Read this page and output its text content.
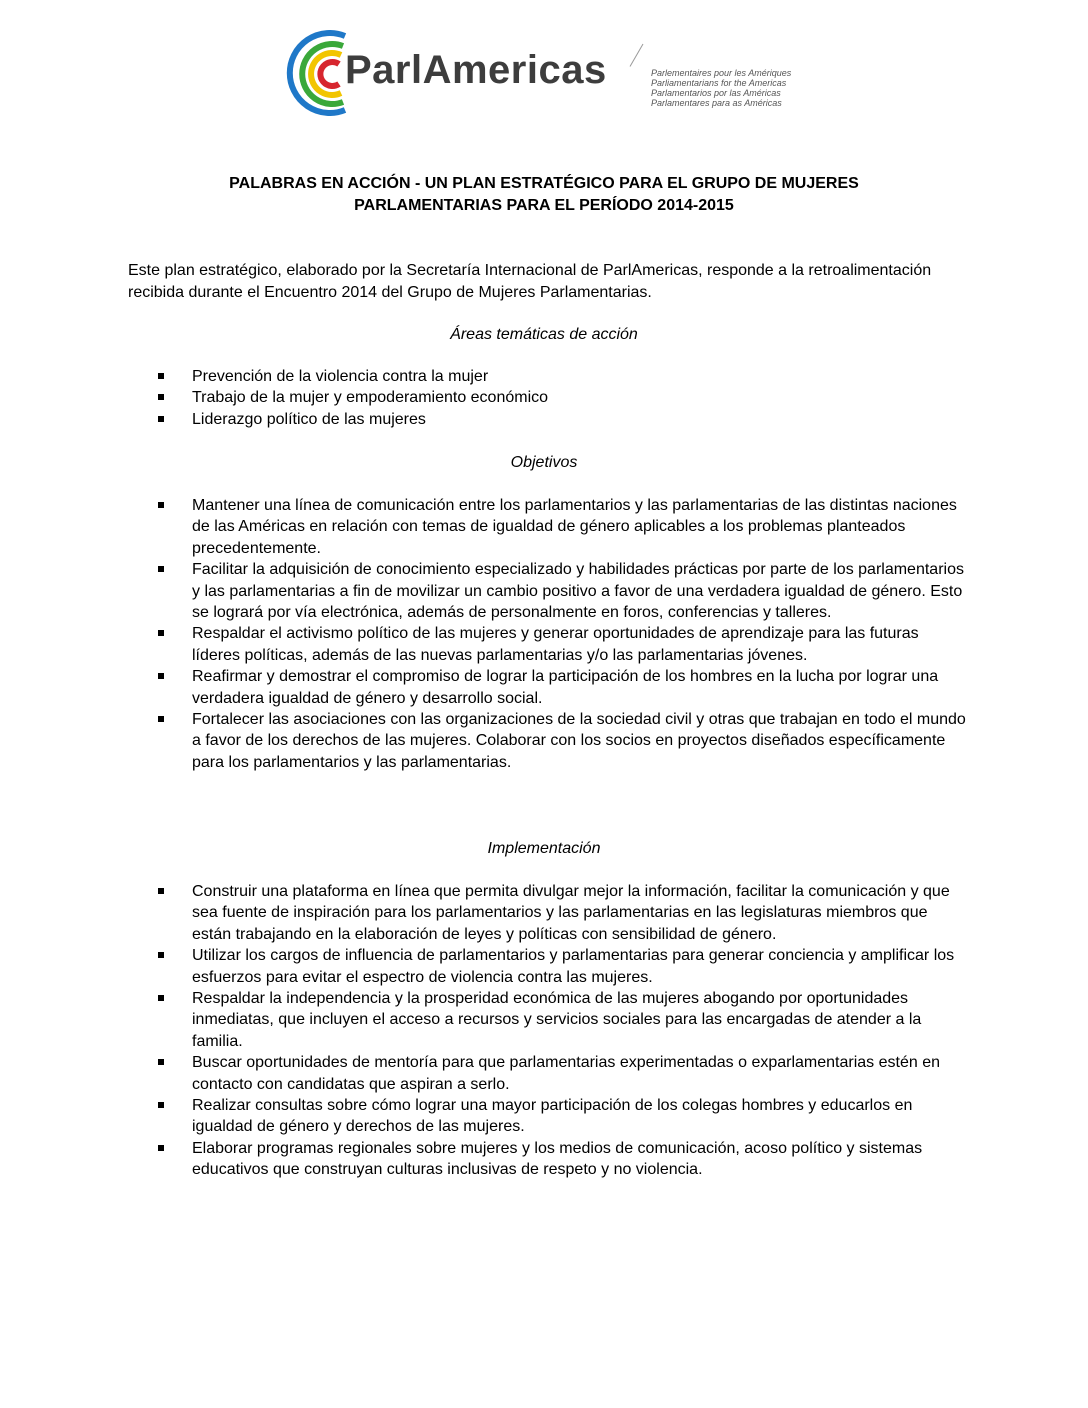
ParlAmericas	Parlementaires pour les Amériques
Parliamentarians for the Americas
Parlamentarios por las Américas
Parlamentares para as Américas
PALABRAS EN ACCIÓN - UN PLAN ESTRATÉGICO PARA EL GRUPO DE MUJERES
PARLAMENTARIAS PARA EL PERÍODO 2014-2015
Este plan estratégico, elaborado por la Secretaría Internacional de ParlAmericas, responde a la retroalimentación recibida durante el Encuentro 2014 del Grupo de Mujeres Parlamentarias.
Áreas temáticas de acción
Prevención de la violencia contra la mujer
Trabajo de la mujer y empoderamiento económico
Liderazgo político de las mujeres
Objetivos
Mantener una línea de comunicación entre los parlamentarios y las parlamentarias de las distintas naciones de las Américas en relación con temas de igualdad de género aplicables a los problemas planteados precedentemente.
Facilitar la adquisición de conocimiento especializado y habilidades prácticas por parte de los parlamentarios y las parlamentarias a fin de movilizar un cambio positivo a favor de una verdadera igualdad de género. Esto se logrará por vía electrónica, además de personalmente en foros, conferencias y talleres.
Respaldar el activismo político de las mujeres y generar oportunidades de aprendizaje para las futuras líderes políticas, además de las nuevas parlamentarias y/o las parlamentarias jóvenes.
Reafirmar y demostrar el compromiso de lograr la participación de los hombres en la lucha por lograr una verdadera igualdad de género y desarrollo social.
Fortalecer las asociaciones con las organizaciones de la sociedad civil y otras que trabajan en todo el mundo a favor de los derechos de las mujeres. Colaborar con los socios en proyectos diseñados específicamente para los parlamentarios y las parlamentarias.
Implementación
Construir una plataforma en línea que permita divulgar mejor la información, facilitar la comunicación y que sea fuente de inspiración para los parlamentarios y las parlamentarias en las legislaturas miembros que están trabajando en la elaboración de leyes y políticas con sensibilidad de género.
Utilizar los cargos de influencia de parlamentarios y parlamentarias para generar conciencia y amplificar los esfuerzos para evitar el espectro de violencia contra las mujeres.
Respaldar la independencia y la prosperidad económica de las mujeres abogando por oportunidades inmediatas, que incluyen el acceso a recursos y servicios sociales para las encargadas de atender a la familia.
Buscar oportunidades de mentoría para que parlamentarias experimentadas o exparlamentarias estén en contacto con candidatas que aspiran a serlo.
Realizar consultas sobre cómo lograr una mayor participación de los colegas hombres y educarlos en igualdad de género y derechos de las mujeres.
Elaborar programas regionales sobre mujeres y los medios de comunicación, acoso político y sistemas educativos que construyan culturas inclusivas de respeto y no violencia.
